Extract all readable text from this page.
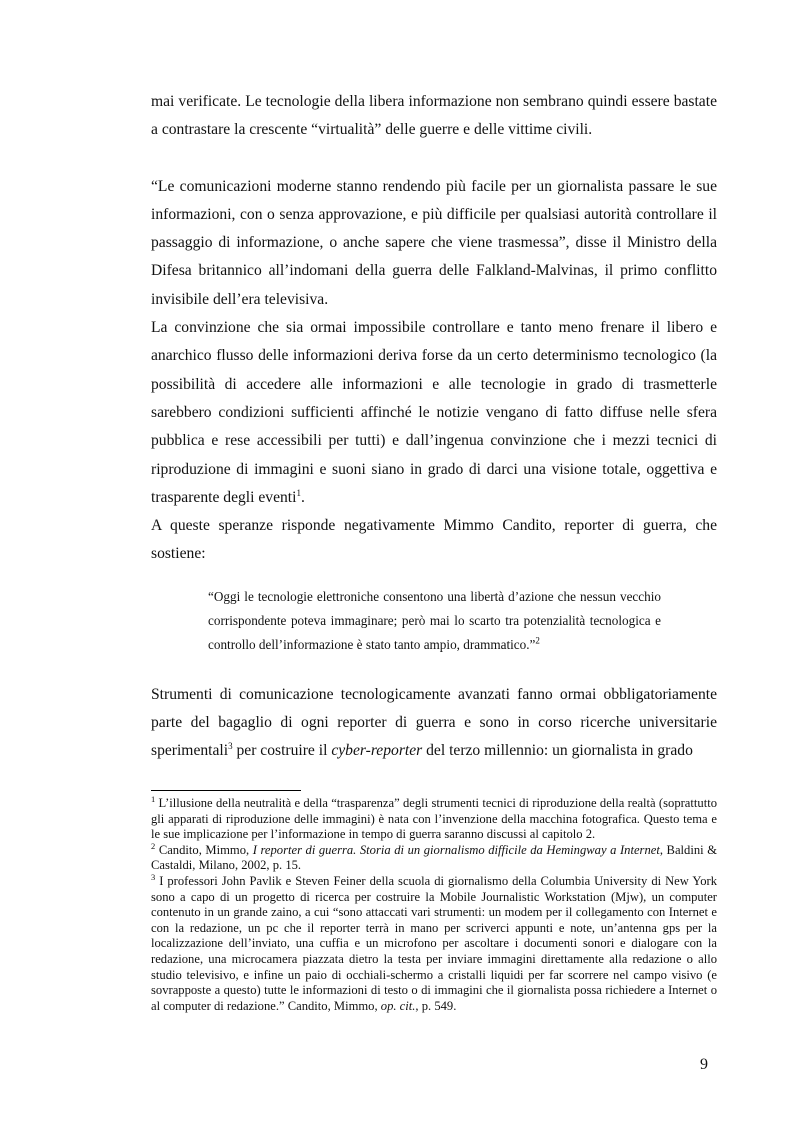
mai verificate. Le tecnologie della libera informazione non sembrano quindi essere bastate a contrastare la crescente “virtualità” delle guerre e delle vittime civili.

“Le comunicazioni moderne stanno rendendo più facile per un giornalista passare le sue informazioni, con o senza approvazione, e più difficile per qualsiasi autorità controllare il passaggio di informazione, o anche sapere che viene trasmessa”, disse il Ministro della Difesa britannico all’indomani della guerra delle Falkland-Malvinas, il primo conflitto invisibile dell’era televisiva.

La convinzione che sia ormai impossibile controllare e tanto meno frenare il libero e anarchico flusso delle informazioni deriva forse da un certo determinismo tecnologico (la possibilità di accedere alle informazioni e alle tecnologie in grado di trasmetterle sarebbero condizioni sufficienti affinché le notizie vengano di fatto diffuse nelle sfera pubblica e rese accessibili per tutti) e dall’ingenua convinzione che i mezzi tecnici di riproduzione di immagini e suoni siano in grado di darci una visione totale, oggettiva e trasparente degli eventi$^1$.

A queste speranze risponde negativamente Mimmo Candito, reporter di guerra, che sostiene:

“Oggi le tecnologie elettroniche consentono una libertà d’azione che nessun vecchio corrispondente poteva immaginare; però mai lo scarto tra potenzialità tecnologica e controllo dell’informazione è stato tanto ampio, drammatico.”$^2$

Strumenti di comunicazione tecnologicamente avanzati fanno ormai obbligatoriamente parte del bagaglio di ogni reporter di guerra e sono in corso ricerche universitarie sperimentali$^3$ per costruire il cyber-reporter del terzo millennio: un giornalista in grado

$^1$ L’illusione della neutralità e della “trasparenza” degli strumenti tecnici di riproduzione della realtà (soprattutto gli apparati di riproduzione delle immagini) è nata con l’invenzione della macchina fotografica. Questo tema e le sue implicazione per l’informazione in tempo di guerra saranno discussi al capitolo 2.

$^2$ Candito, Mimmo, I reporter di guerra. Storia di un giornalismo difficile da Hemingway a Internet, Baldini & Castaldi, Milano, 2002, p. 15.

$^3$ I professori John Pavlik e Steven Feiner della scuola di giornalismo della Columbia University di New York sono a capo di un progetto di ricerca per costruire la Mobile Journalistic Workstation (Mjw), un computer contenuto in un grande zaino, a cui “sono attaccati vari strumenti: un modem per il collegamento con Internet e con la redazione, un pc che il reporter terrà in mano per scriverci appunti e note, un’antenna gps per la localizzazione dell’inviato, una cuffia e un microfono per ascoltare i documenti sonori e dialogare con la redazione, una microcamera piazzata dietro la testa per inviare immagini direttamente alla redazione o allo studio televisivo, e infine un paio di occhiali-schermo a cristalli liquidi per far scorrere nel campo visivo (e sovrapposte a questo) tutte le informazioni di testo o di immagini che il giornalista possa richiedere a Internet o al computer di redazione.” Candito, Mimmo, op. cit., p. 549.

9
